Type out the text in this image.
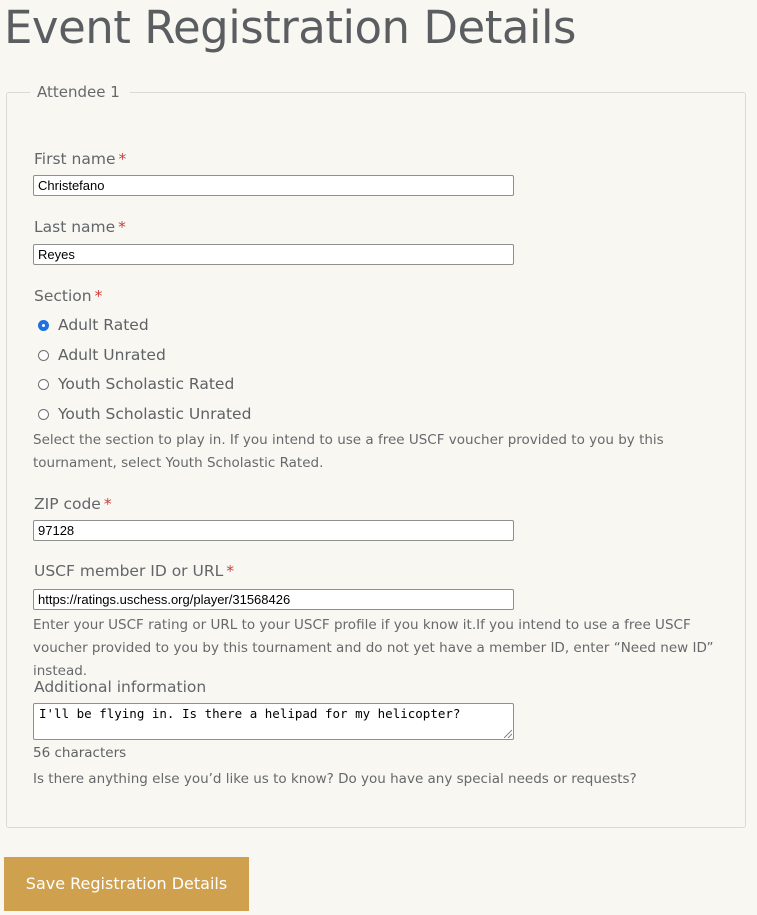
Event Registration Details
Attendee 1
First name *
Christefano
Last name *
Reyes
Section *
Adult Rated
Adult Unrated
Youth Scholastic Rated
Youth Scholastic Unrated
Select the section to play in. If you intend to use a free USCF voucher provided to you by this tournament, select Youth Scholastic Rated.
ZIP code *
97128
USCF member ID or URL *
https://ratings.uschess.org/player/31568426
Enter your USCF rating or URL to your USCF profile if you know it.If you intend to use a free USCF voucher provided to you by this tournament and do not yet have a member ID, enter “Need new ID” instead.
Additional information
I'll be flying in. Is there a helipad for my helicopter?
56 characters
Is there anything else you’d like us to know? Do you have any special needs or requests?
Save Registration Details
